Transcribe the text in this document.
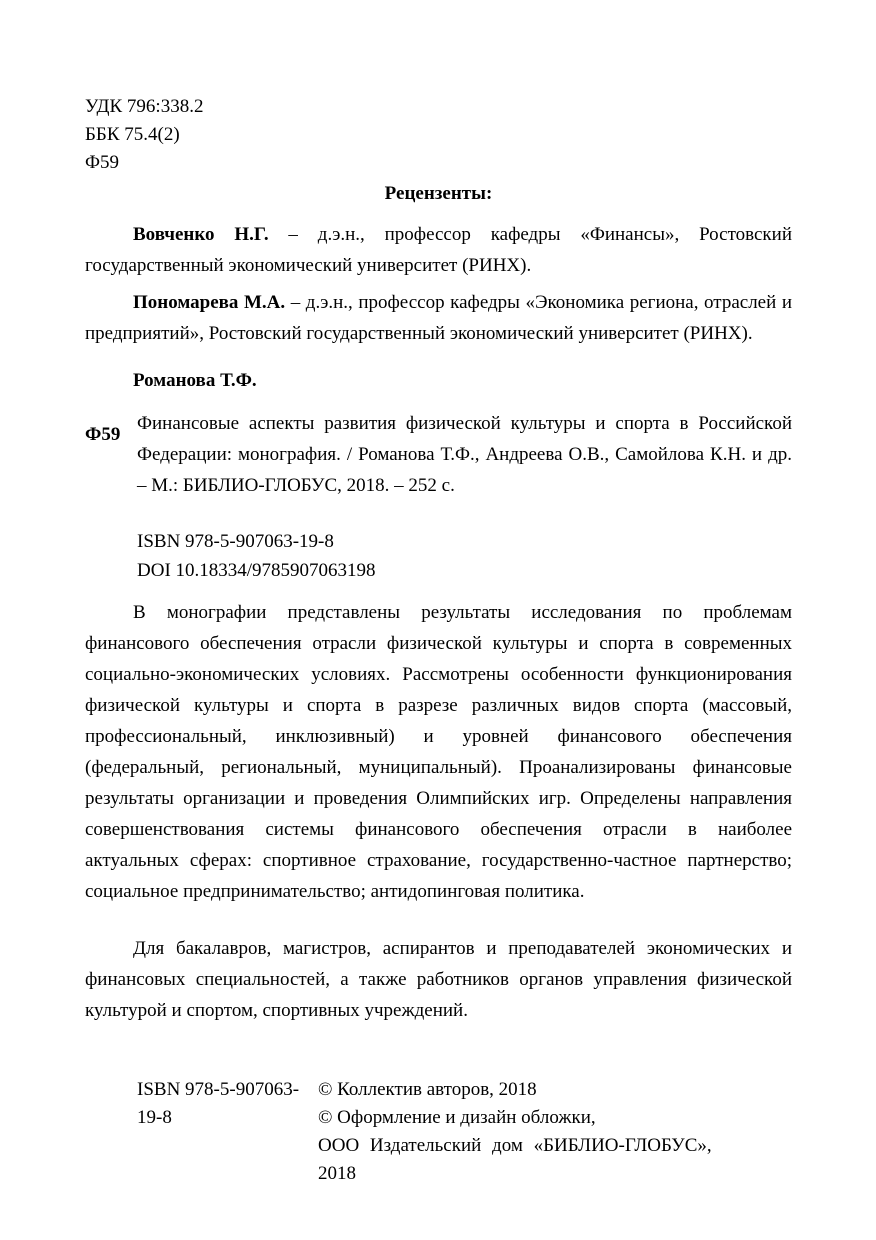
УДК 796:338.2
ББК 75.4(2)
Ф59
Рецензенты:

Вовченко Н.Г. – д.э.н., профессор кафедры «Финансы», Ростовский государственный экономический университет (РИНХ).

Пономарева М.А. – д.э.н., профессор кафедры «Экономика региона, отраслей и предприятий», Ростовский государственный экономический университет (РИНХ).

Романова Т.Ф.
Ф59
Финансовые аспекты развития физической культуры и спорта в Российской Федерации: монография. / Романова Т.Ф., Андреева О.В., Самойлова К.Н. и др. – М.: БИБЛИО-ГЛОБУС, 2018. – 252 с.
ISBN 978-5-907063-19-8
DOI 10.18334/9785907063198

В монографии представлены результаты исследования по проблемам финансового обеспечения отрасли физической культуры и спорта в современных социально-экономических условиях. Рассмотрены особенности функционирования физической культуры и спорта в разрезе различных видов спорта (массовый, профессиональный, инклюзивный) и уровней финансового обеспечения (федеральный, региональный, муниципальный). Проанализированы финансовые результаты организации и проведения Олимпийских игр. Определены направления совершенствования системы финансового обеспечения отрасли в наиболее актуальных сферах: спортивное страхование, государственно-частное партнерство; социальное предпринимательство; антидопинговая политика.

Для бакалавров, магистров, аспирантов и преподавателей экономических и финансовых специальностей, а также работников органов управления физической культурой и спортом, спортивных учреждений.

ISBN 978-5-907063-19-8
© Коллектив авторов, 2018
© Оформление и дизайн обложки,
ООО Издательский дом «БИБЛИО-ГЛОБУС»,
2018
